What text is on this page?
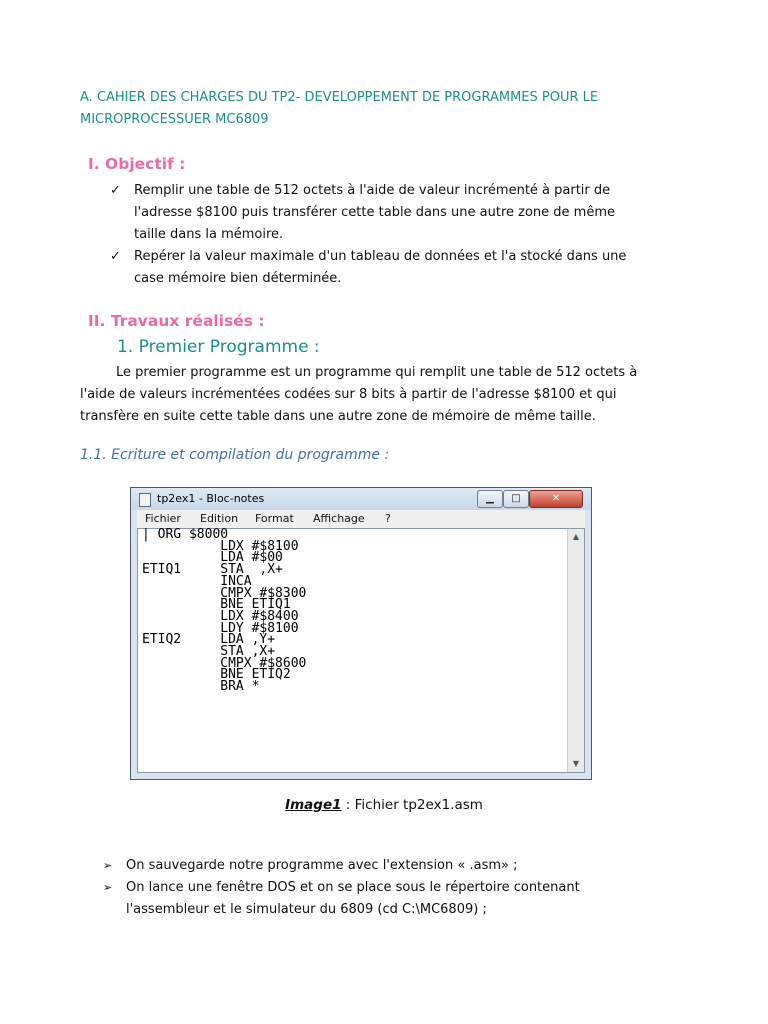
A. CAHIER DES CHARGES DU TP2- DEVELOPPEMENT DE PROGRAMMES POUR LE MICROPROCESSUER MC6809
I. Objectif :
✓ Remplir une table de 512 octets à l'aide de valeur incrémenté à partir de l'adresse $8100 puis transférer cette table dans une autre zone de même taille dans la mémoire.
✓ Repérer la valeur maximale d'un tableau de données et l'a stocké dans une case mémoire bien déterminée.
II. Travaux réalisés :
1. Premier Programme :
Le premier programme est un programme qui remplit une table de 512 octets à l'aide de valeurs incrémentées codées sur 8 bits à partir de l'adresse $8100 et qui transfère en suite cette table dans une autre zone de mémoire de même taille.
1.1. Ecriture et compilation du programme :
tp2ex1 - Bloc-notes	▁	□	✕
Fichier Edition Format Affichage ?
| ORG $8000
LDX #$8100
LDA #$00
ETIQ1     STA  ,X+
INCA
CMPX #$8300
BNE ETIQ1
LDX #$8400
LDY #$8100
ETIQ2     LDA ,Y+
STA ,X+
CMPX #$8600
BNE ETIQ2
BRA *
▲
▼
Image1 : Fichier tp2ex1.asm
➢ On sauvegarde notre programme avec l'extension « .asm» ;
➢ On lance une fenêtre DOS et on se place sous le répertoire contenant l'assembleur et le simulateur du 6809 (cd C:\MC6809) ;
